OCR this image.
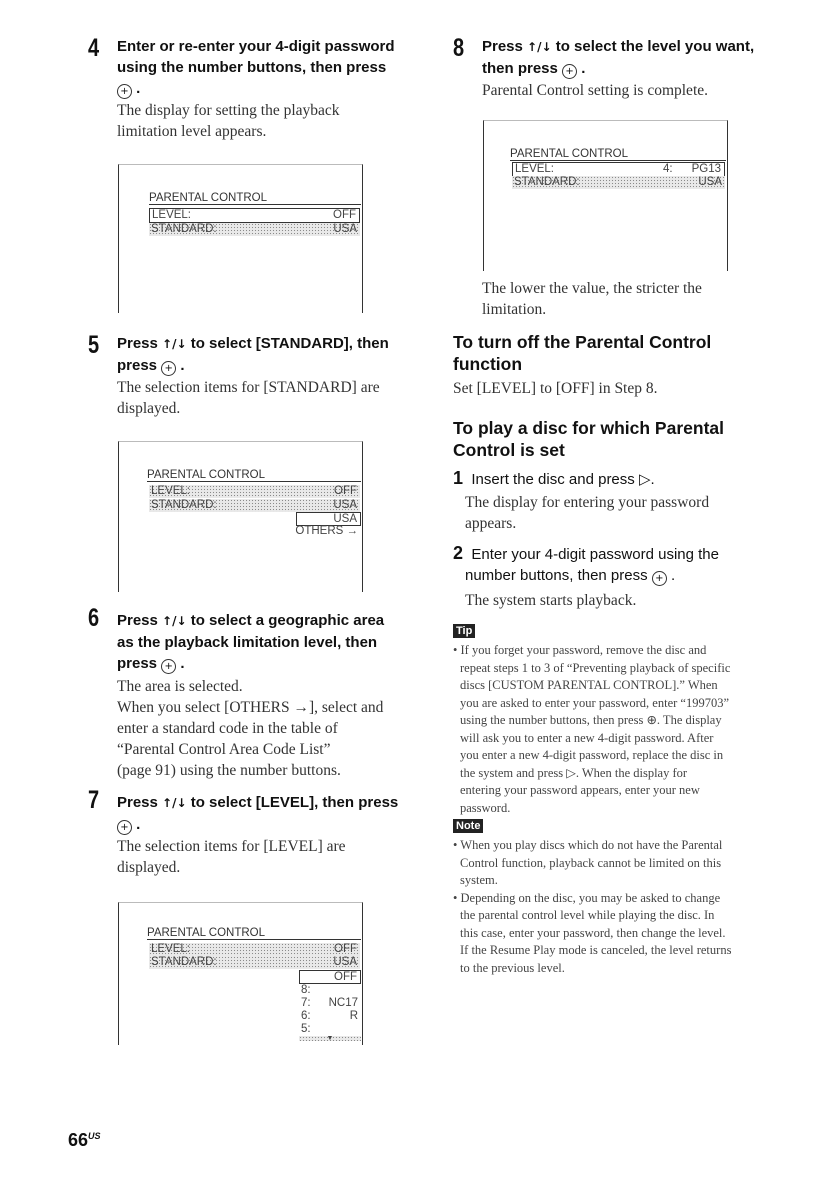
4 Enter or re-enter your 4-digit password
using the number buttons, then press
+ .
The display for setting the playback
limitation level appears.
PARENTAL CONTROL
LEVEL:	OFF
STANDARD:	USA
5 Press ↑/↓ to select [STANDARD], then
press + .
The selection items for [STANDARD] are
displayed.
PARENTAL CONTROL
LEVEL:	OFF
STANDARD:	USA
USA
OTHERS →
6 Press ↑/↓ to select a geographic area
as the playback limitation level, then
press + .
The area is selected.
When you select [OTHERS →], select and
enter a standard code in the table of
“Parental Control Area Code List”
(page 91) using the number buttons.
7 Press ↑/↓ to select [LEVEL], then press
+ .
The selection items for [LEVEL] are
displayed.
PARENTAL CONTROL
LEVEL:	OFF
STANDARD:	USA
OFF
8:
7: NC17
6:	R
5:
▼
$66^{US}$
8 Press ↑/↓ to select the level you want,
then press + .
Parental Control setting is complete.
PARENTAL CONTROL
LEVEL:	4: PG13
STANDARD:	USA
The lower the value, the stricter the
limitation.
To turn off the Parental Control
function
Set [LEVEL] to [OFF] in Step 8.
To play a disc for which Parental
Control is set
1 Insert the disc and press ▷.
The display for entering your password
appears.
2 Enter your 4-digit password using the
number buttons, then press + .
The system starts playback.
Tip
• If you forget your password, remove the disc and
repeat steps 1 to 3 of “Preventing playback of specific
discs [CUSTOM PARENTAL CONTROL].” When
you are asked to enter your password, enter “199703”
using the number buttons, then press ⊕. The display
will ask you to enter a new 4-digit password. After
you enter a new 4-digit password, replace the disc in
the system and press ▷. When the display for
entering your password appears, enter your new
password.
Note
• When you play discs which do not have the Parental
Control function, playback cannot be limited on this
system.
• Depending on the disc, you may be asked to change
the parental control level while playing the disc. In
this case, enter your password, then change the level.
If the Resume Play mode is canceled, the level returns
to the previous level.
